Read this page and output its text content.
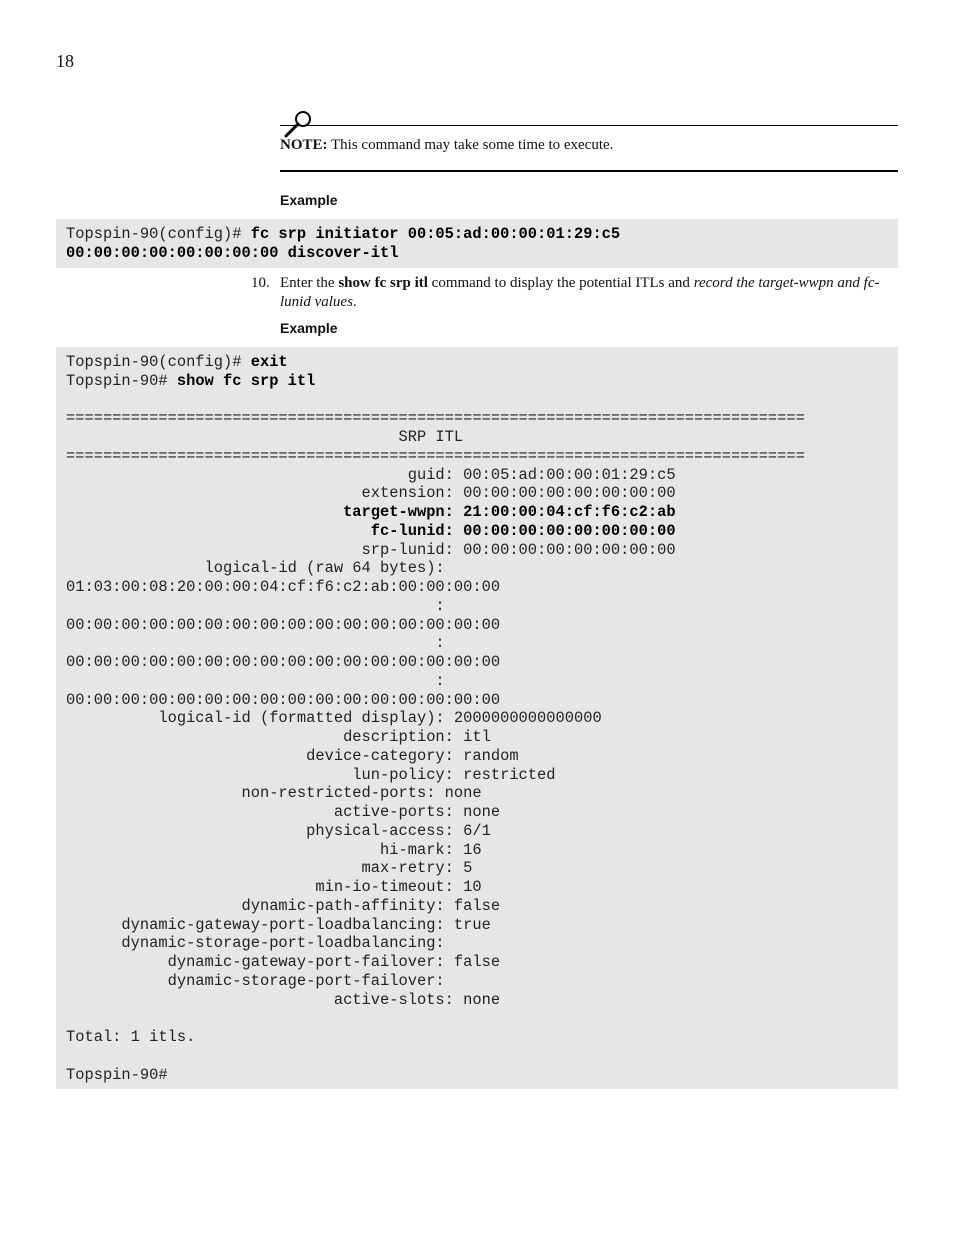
18
NOTE: This command may take some time to execute.
Example
Topspin-90(config)# fc srp initiator 00:05:ad:00:00:01:29:c5
00:00:00:00:00:00:00:00 discover-itl
10. Enter the show fc srp itl command to display the potential ITLs and record the target-wwpn and fc-lunid values.
Example
Topspin-90(config)# exit
Topspin-90# show fc srp itl

================================================================================
SRP ITL
================================================================================
guid: 00:05:ad:00:00:01:29:c5
extension: 00:00:00:00:00:00:00:00
target-wwpn: 21:00:00:04:cf:f6:c2:ab
fc-lunid: 00:00:00:00:00:00:00:00
srp-lunid: 00:00:00:00:00:00:00:00
logical-id (raw 64 bytes):
01:03:00:08:20:00:00:04:cf:f6:c2:ab:00:00:00:00
:
00:00:00:00:00:00:00:00:00:00:00:00:00:00:00:00
:
00:00:00:00:00:00:00:00:00:00:00:00:00:00:00:00
:
00:00:00:00:00:00:00:00:00:00:00:00:00:00:00:00
logical-id (formatted display): 2000000000000000
description: itl
device-category: random
lun-policy: restricted
non-restricted-ports: none
active-ports: none
physical-access: 6/1
hi-mark: 16
max-retry: 5
min-io-timeout: 10
dynamic-path-affinity: false
dynamic-gateway-port-loadbalancing: true
dynamic-storage-port-loadbalancing:
dynamic-gateway-port-failover: false
dynamic-storage-port-failover:
active-slots: none

Total: 1 itls.

Topspin-90#
